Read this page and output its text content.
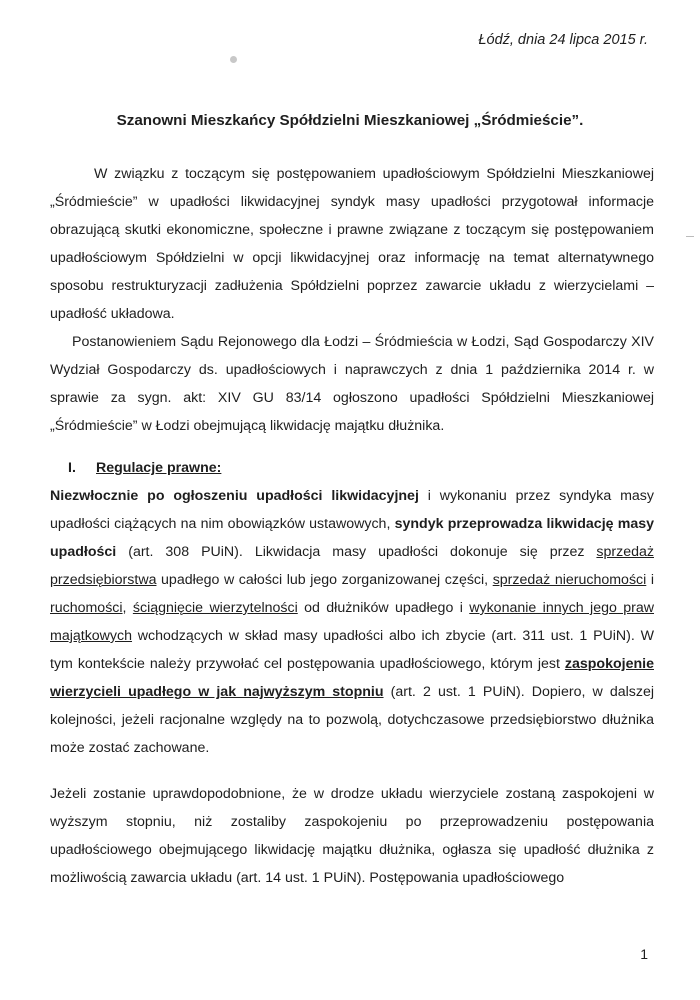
Łódź, dnia 24 lipca 2015 r.
Szanowni Mieszkańcy Spółdzielni Mieszkaniowej „Śródmieście”.

W związku z toczącym się postępowaniem upadłościowym Spółdzielni Mieszkaniowej „Śródmieście” w upadłości likwidacyjnej syndyk masy upadłości przygotował informacje obrazującą skutki ekonomiczne, społeczne i prawne związane z toczącym się postępowaniem upadłościowym Spółdzielni w opcji likwidacyjnej oraz informację na temat alternatywnego sposobu restrukturyzacji zadłużenia Spółdzielni poprzez zawarcie układu z wierzycielami – upadłość układowa.

Postanowieniem Sądu Rejonowego dla Łodzi – Śródmieścia w Łodzi, Sąd Gospodarczy XIV Wydział Gospodarczy ds. upadłościowych i naprawczych z dnia 1 października 2014 r. w sprawie za sygn. akt: XIV GU 83/14 ogłoszono upadłości Spółdzielni Mieszkaniowej „Śródmieście” w Łodzi obejmującą likwidację majątku dłużnika.

I. Regulacje prawne:

Niezwłocznie po ogłoszeniu upadłości likwidacyjnej i wykonaniu przez syndyka masy upadłości ciążących na nim obowiązków ustawowych, syndyk przeprowadza likwidację masy upadłości (art. 308 PUiN). Likwidacja masy upadłości dokonuje się przez sprzedaż przedsiębiorstwa upadłego w całości lub jego zorganizowanej części, sprzedaż nieruchomości i ruchomości, ściągnięcie wierzytelności od dłużników upadłego i wykonanie innych jego praw majątkowych wchodzących w skład masy upadłości albo ich zbycie (art. 311 ust. 1 PUiN). W tym kontekście należy przywołać cel postępowania upadłościowego, którym jest zaspokojenie wierzycieli upadłego w jak najwyższym stopniu (art. 2 ust. 1 PUiN). Dopiero, w dalszej kolejności, jeżeli racjonalne względy na to pozwolą, dotychczasowe przedsiębiorstwo dłużnika może zostać zachowane.

Jeżeli zostanie uprawdopodobnione, że w drodze układu wierzyciele zostaną zaspokojeni w wyższym stopniu, niż zostaliby zaspokojeniu po przeprowadzeniu postępowania upadłościowego obejmującego likwidację majątku dłużnika, ogłasza się upadłość dłużnika z możliwością zawarcia układu (art. 14 ust. 1 PUiN). Postępowania upadłościowego

1
